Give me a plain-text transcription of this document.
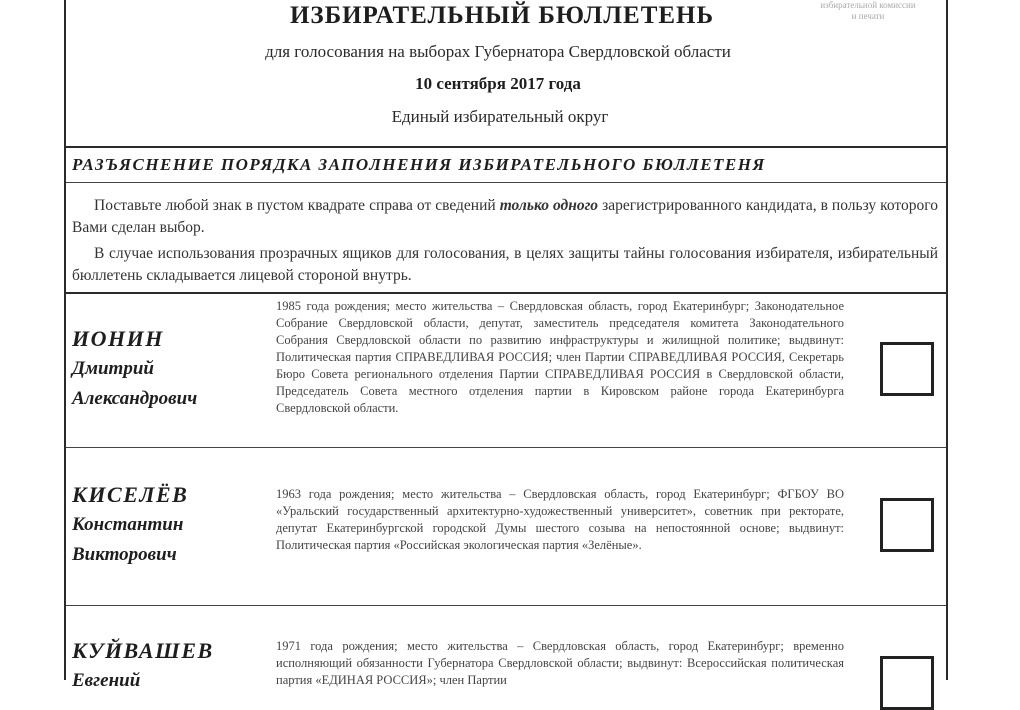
избирательной комиссии
и печати
ИЗБИРАТЕЛЬНЫЙ БЮЛЛЕТЕНЬ
для голосования на выборах Губернатора Свердловской области
10 сентября 2017 года
Единый избирательный округ
РАЗЪЯСНЕНИЕ ПОРЯДКА ЗАПОЛНЕНИЯ ИЗБИРАТЕЛЬНОГО БЮЛЛЕТЕНЯ

Поставьте любой знак в пустом квадрате справа от сведений только одного зарегистрированного кандидата, в пользу которого Вами сделан выбор.

В случае использования прозрачных ящиков для голосования, в целях защиты тайны голосования избирателя, избирательный бюллетень складывается лицевой стороной внутрь.

ИОНИН
Дмитрий
Александрович
1985 года рождения; место жительства – Свердловская область, город Екатеринбург; Законодательное Собрание Свердловской области, депутат, заместитель председателя комитета Законодательного Собрания Свердловской области по развитию инфраструктуры и жилищной политике; выдвинут: Политическая партия СПРАВЕДЛИВАЯ РОССИЯ; член Партии СПРАВЕДЛИВАЯ РОССИЯ, Секретарь Бюро Совета регионального отделения Партии СПРАВЕДЛИВАЯ РОССИЯ в Свердловской области, Председатель Совета местного отделения партии в Кировском районе города Екатеринбурга Свердловской области.
КИСЕЛЁВ
Константин
Викторович
1963 года рождения; место жительства – Свердловская область, город Екатеринбург; ФГБОУ ВО «Уральский государственный архитектурно-художественный университет», советник при ректорате, депутат Екатеринбургской городской Думы шестого созыва на непостоянной основе; выдвинут: Политическая партия «Российская экологическая партия «Зелёные».
КУЙВАШЕВ
Евгений
1971 года рождения; место жительства – Свердловская область, город Екатеринбург; временно исполняющий обязанности Губернатора Свердловской области; выдвинут: Всероссийская политическая партия «ЕДИНАЯ РОССИЯ»; член Партии
